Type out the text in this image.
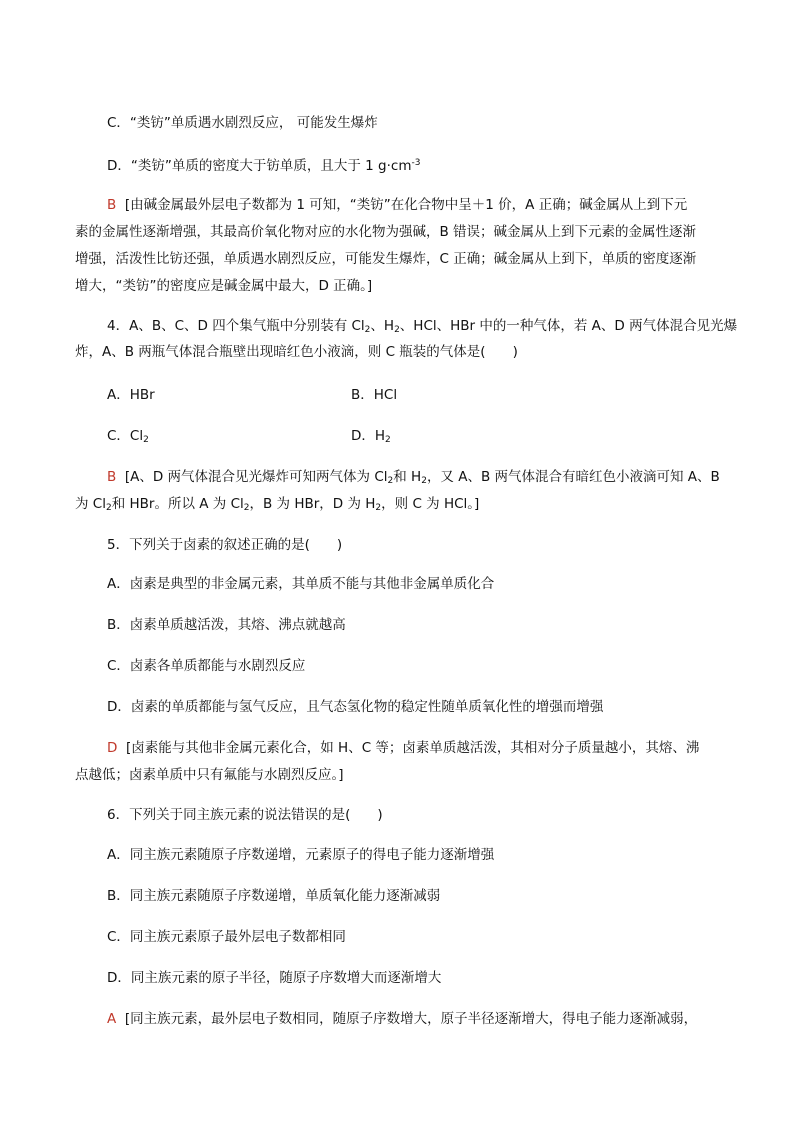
C．“类钫”单质遇水剧烈反应， 可能发生爆炸
D．“类钫”单质的密度大于钫单质，且大于 1 $g\cdot cm^{-3}$
B [由碱金属最外层电子数都为 1 可知，“类钫”在化合物中呈＋1 价，A 正确；碱金属从上到下元
素的金属性逐渐增强，其最高价氧化物对应的水化物为强碱，B 错误；碱金属从上到下元素的金属性逐渐
增强，活泼性比钫还强，单质遇水剧烈反应，可能发生爆炸，C 正确；碱金属从上到下，单质的密度逐渐
增大，“类钫”的密度应是碱金属中最大，D 正确。]
4．A、B、C、D 四个集气瓶中分别装有 $Cl_2$、$H_2$、HCl、HBr 中的一种气体，若 A、D 两气体混合见光爆
炸，A、B 两瓶气体混合瓶壁出现暗红色小液滴，则 C 瓶装的气体是(　　)
A．HBr	B．HCl
C．$Cl_2$	D．$H_2$
B [A、D 两气体混合见光爆炸可知两气体为 $Cl_2$和 $H_2$，又 A、B 两气体混合有暗红色小液滴可知 A、B
为 $Cl_2$和 HBr。所以 A 为 $Cl_2$，B 为 HBr，D 为 $H_2$，则 C 为 HCl。]
5．下列关于卤素的叙述正确的是(　　)
A．卤素是典型的非金属元素，其单质不能与其他非金属单质化合
B．卤素单质越活泼，其熔、沸点就越高
C．卤素各单质都能与水剧烈反应
D．卤素的单质都能与氢气反应，且气态氢化物的稳定性随单质氧化性的增强而增强
D [卤素能与其他非金属元素化合，如 H、C 等；卤素单质越活泼，其相对分子质量越小，其熔、沸
点越低；卤素单质中只有氟能与水剧烈反应。]
6．下列关于同主族元素的说法错误的是(　　)
A．同主族元素随原子序数递增，元素原子的得电子能力逐渐增强
B．同主族元素随原子序数递增，单质氧化能力逐渐减弱
C．同主族元素原子最外层电子数都相同
D．同主族元素的原子半径，随原子序数增大而逐渐增大
A [同主族元素，最外层电子数相同，随原子序数增大，原子半径逐渐增大，得电子能力逐渐减弱，
